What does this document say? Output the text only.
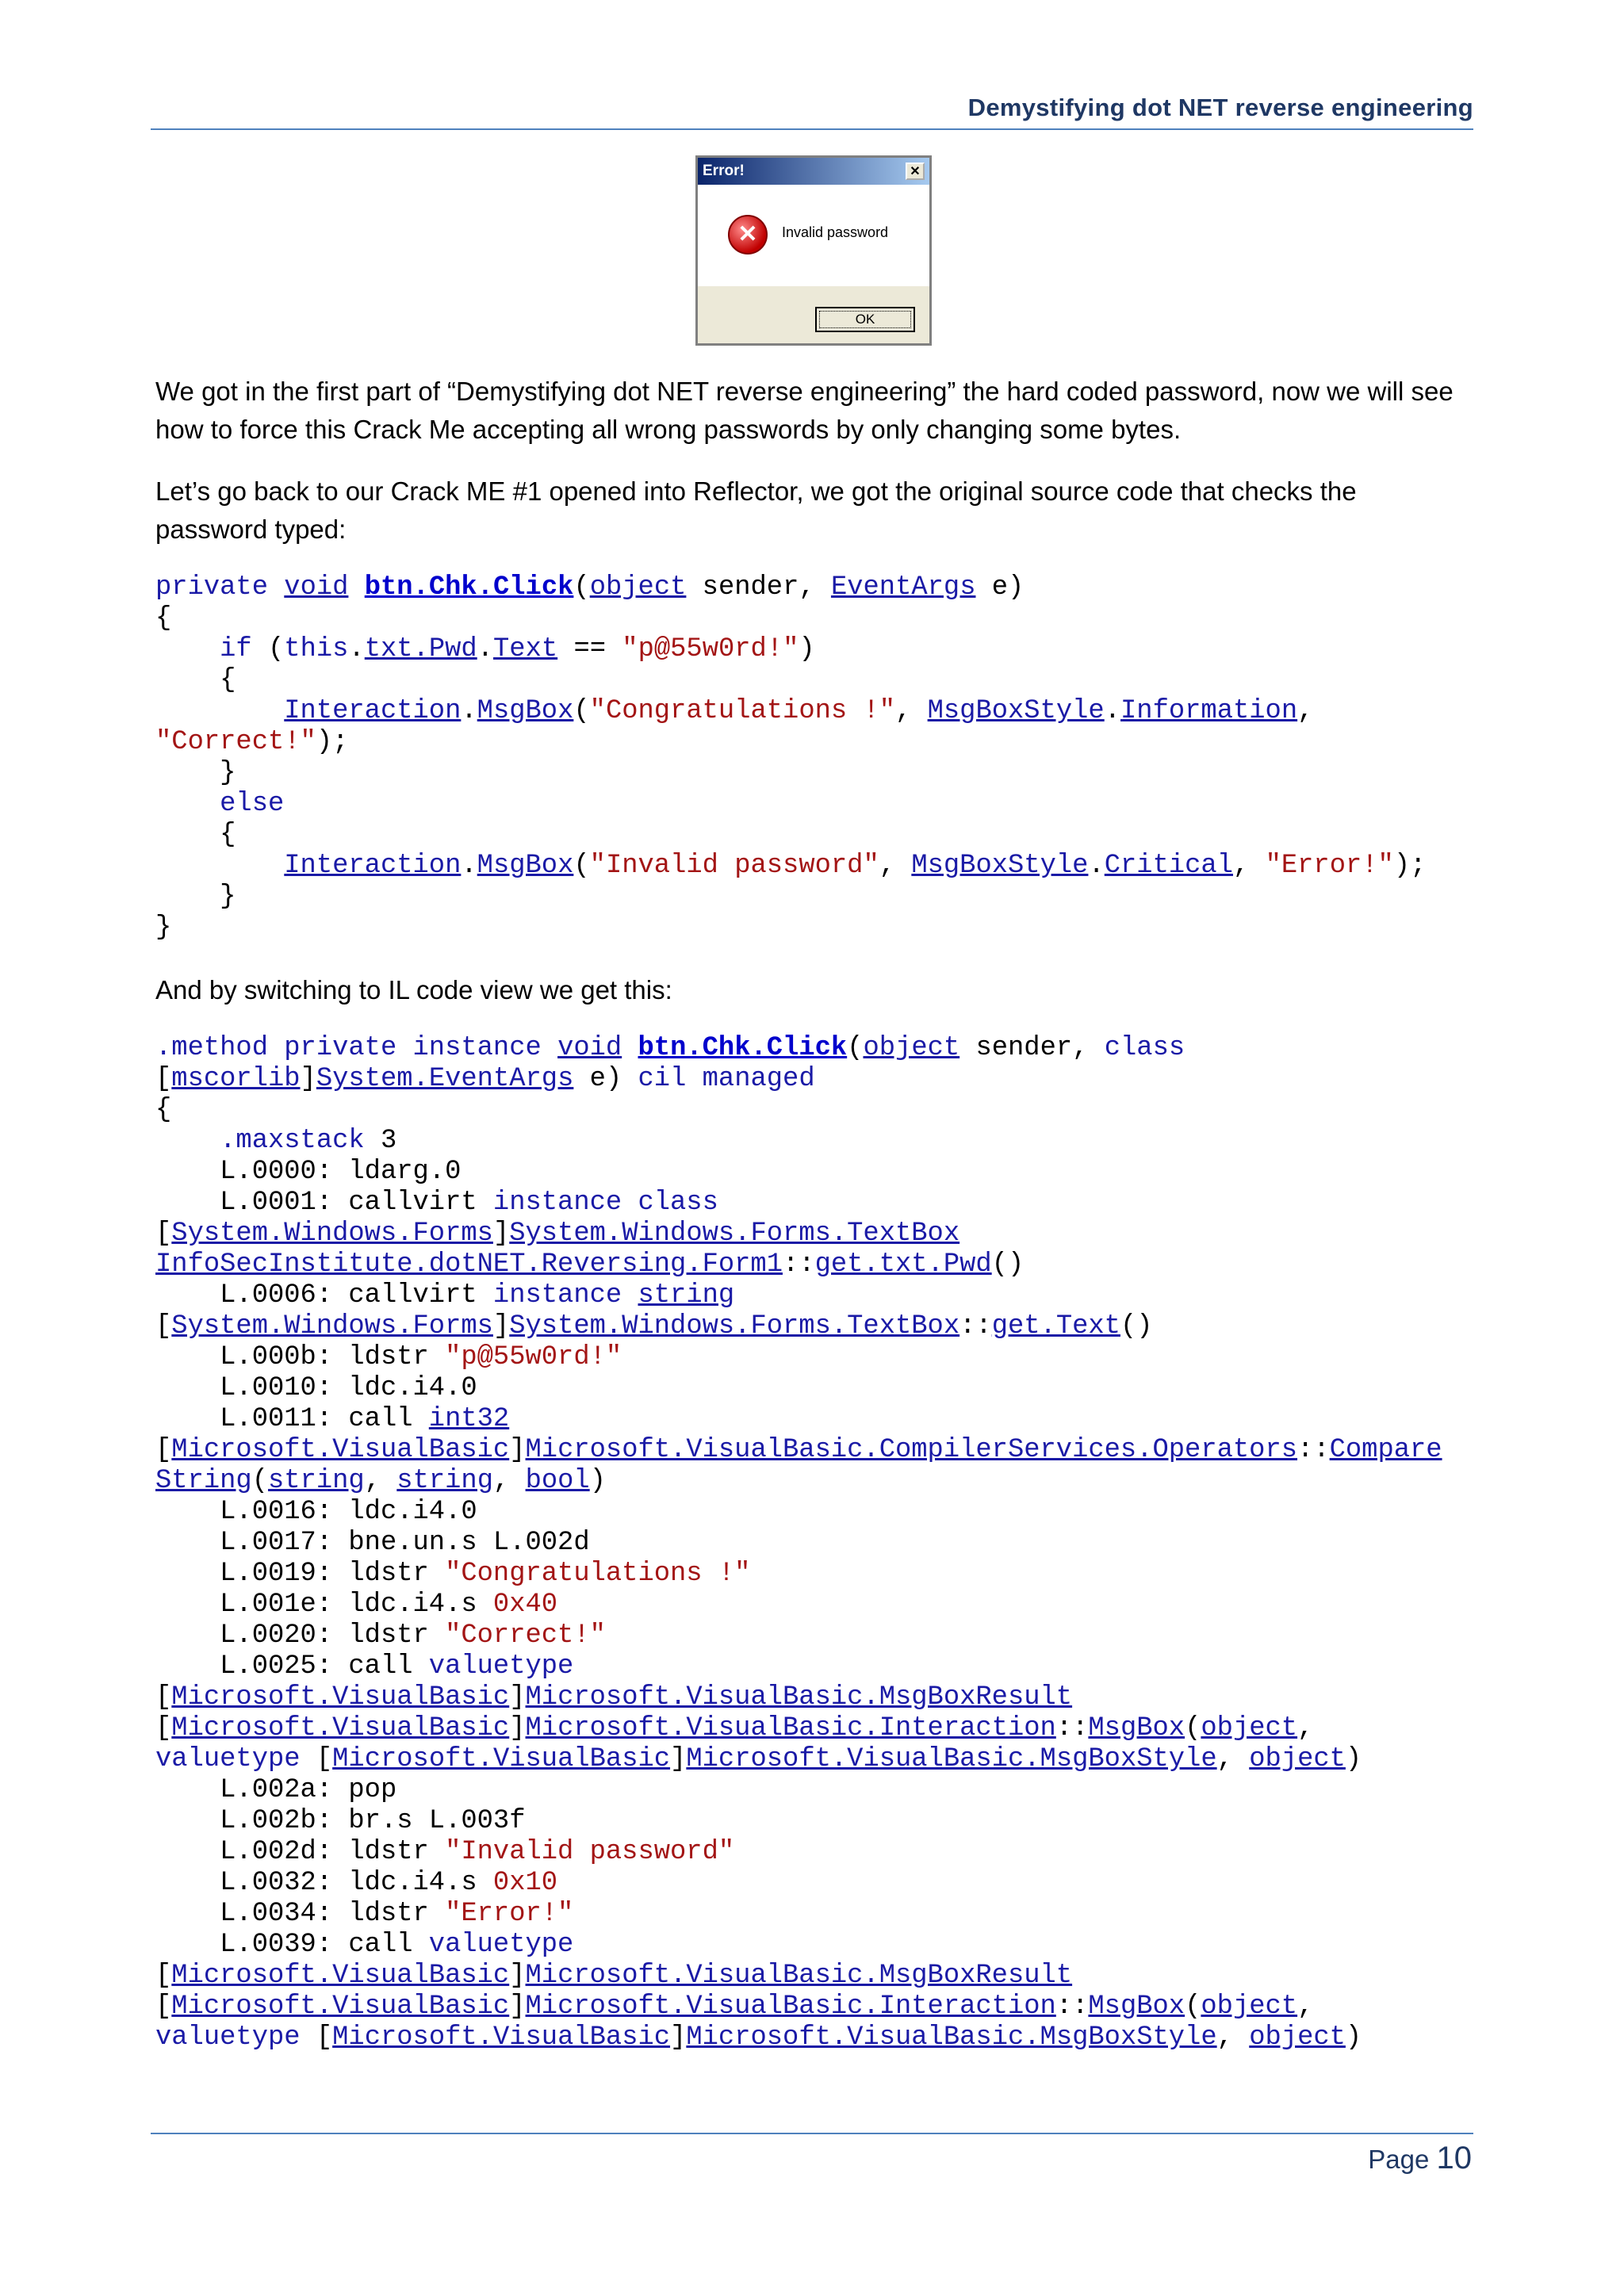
Demystifying dot NET reverse engineering
Error!	✕
✕	Invalid password
OK
We got in the first part of “Demystifying dot NET reverse engineering” the hard coded password, now we will see how to force this Crack Me accepting all wrong passwords by only changing some bytes.
Let’s go back to our Crack ME #1 opened into Reflector, we got the original source code that checks the password typed:
private void btn.Chk.Click(object sender, EventArgs e)
{
if (this.txt.Pwd.Text == "p@55w0rd!")
{
Interaction.MsgBox("Congratulations !", MsgBoxStyle.Information,
"Correct!");
}
else
{
Interaction.MsgBox("Invalid password", MsgBoxStyle.Critical, "Error!");
}
}
And by switching to IL code view we get this:
.method private instance void btn.Chk.Click(object sender, class
[mscorlib]System.EventArgs e) cil managed
{
.maxstack 3
L.0000: ldarg.0
L.0001: callvirt instance class
[System.Windows.Forms]System.Windows.Forms.TextBox
InfoSecInstitute.dotNET.Reversing.Form1::get.txt.Pwd()
L.0006: callvirt instance string
[System.Windows.Forms]System.Windows.Forms.TextBox::get.Text()
L.000b: ldstr "p@55w0rd!"
L.0010: ldc.i4.0
L.0011: call int32
[Microsoft.VisualBasic]Microsoft.VisualBasic.CompilerServices.Operators::Compare
String(string, string, bool)
L.0016: ldc.i4.0
L.0017: bne.un.s L.002d
L.0019: ldstr "Congratulations !"
L.001e: ldc.i4.s 0x40
L.0020: ldstr "Correct!"
L.0025: call valuetype
[Microsoft.VisualBasic]Microsoft.VisualBasic.MsgBoxResult
[Microsoft.VisualBasic]Microsoft.VisualBasic.Interaction::MsgBox(object,
valuetype [Microsoft.VisualBasic]Microsoft.VisualBasic.MsgBoxStyle, object)
L.002a: pop
L.002b: br.s L.003f
L.002d: ldstr "Invalid password"
L.0032: ldc.i4.s 0x10
L.0034: ldstr "Error!"
L.0039: call valuetype
[Microsoft.VisualBasic]Microsoft.VisualBasic.MsgBoxResult
[Microsoft.VisualBasic]Microsoft.VisualBasic.Interaction::MsgBox(object,
valuetype [Microsoft.VisualBasic]Microsoft.VisualBasic.MsgBoxStyle, object)
Page 10
